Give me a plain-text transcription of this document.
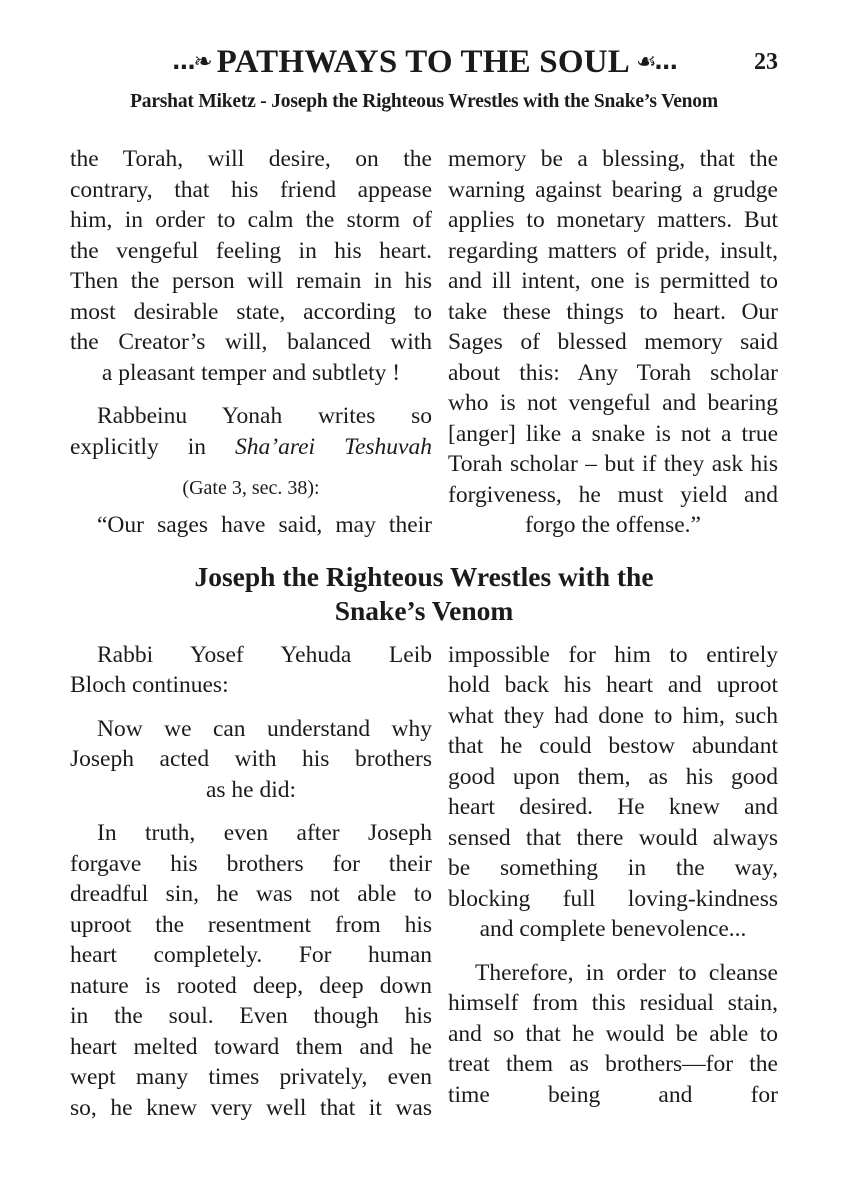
…❧ PATHWAYS TO THE SOUL ☙…	23
Parshat Miketz - Joseph the Righteous Wrestles with the Snake’s Venom
the Torah, will desire, on the
contrary, that his friend appease
him, in order to calm the storm of
the vengeful feeling in his heart.
Then the person will remain in his
most desirable state, according to
the Creator’s will, balanced with
a pleasant temper and subtlety !
Rabbeinu Yonah writes so
explicitly in Sha’arei Teshuvah
(Gate 3, sec. 38):
“Our sages have said, may their
memory be a blessing, that the
warning against bearing a grudge
applies to monetary matters. But
regarding matters of pride, insult,
and ill intent, one is permitted to
take these things to heart. Our
Sages of blessed memory said
about this: Any Torah scholar
who is not vengeful and bearing
[anger] like a snake is not a true
Torah scholar – but if they ask his
forgiveness, he must yield and
forgo the offense.”
Joseph the Righteous Wrestles with the
Snake’s Venom
Rabbi Yosef Yehuda Leib
Bloch continues:
Now we can understand why
Joseph acted with his brothers
as he did:
In truth, even after Joseph
forgave his brothers for their
dreadful sin, he was not able to
uproot the resentment from his
heart completely. For human
nature is rooted deep, deep down
in the soul. Even though his
heart melted toward them and he
wept many times privately, even
so, he knew very well that it was
impossible for him to entirely
hold back his heart and uproot
what they had done to him, such
that he could bestow abundant
good upon them, as his good
heart desired. He knew and
sensed that there would always
be something in the way,
blocking full loving-kindness
and complete benevolence...
Therefore, in order to cleanse
himself from this residual stain,
and so that he would be able to
treat them as brothers—for the
time being and for
